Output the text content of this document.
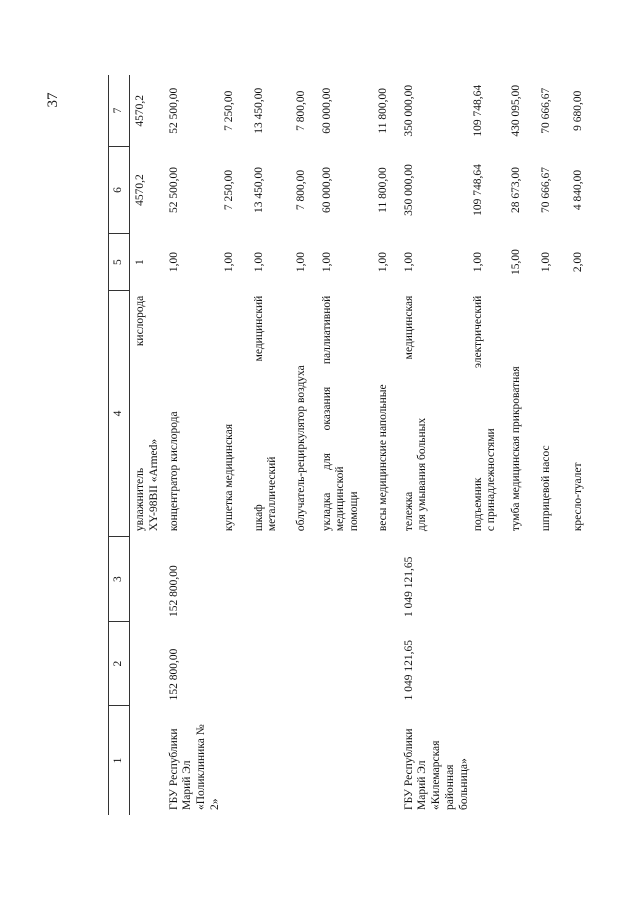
37
1	2	3	4	5	6	7

			увлажнитель кислорода XY-98BII «Armed»	1	4570,2	4570,2
ГБУ Республики Марий Эл «Поликлиника № 2»	152 800,00	152 800,00	концентратор кислорода	1,00	52 500,00	52 500,00

			кушетка медицинская	1,00	7 250,00	7 250,00

			шкаф медицинский металлический	1,00	13 450,00	13 450,00

			облучатель-рециркулятор воздуха	1,00	7 800,00	7 800,00

			укладка для оказания паллиативной медицинской помощи	1,00	60 000,00	60 000,00

			весы медицинские напольные	1,00	11 800,00	11 800,00
ГБУ Республики Марий Эл «Килемарская районная больница»	1 049 121,65	1 049 121,65	тележка медицинская для умывания больных	1,00	350 000,00	350 000,00

			подъемник электрический с принадлежностями	1,00	109 748,64	109 748,64

			тумба медицинская прикроватная	15,00	28 673,00	430 095,00

			шприцевой насос	1,00	70 666,67	70 666,67

			кресло-туалет	2,00	4 840,00	9 680,00
